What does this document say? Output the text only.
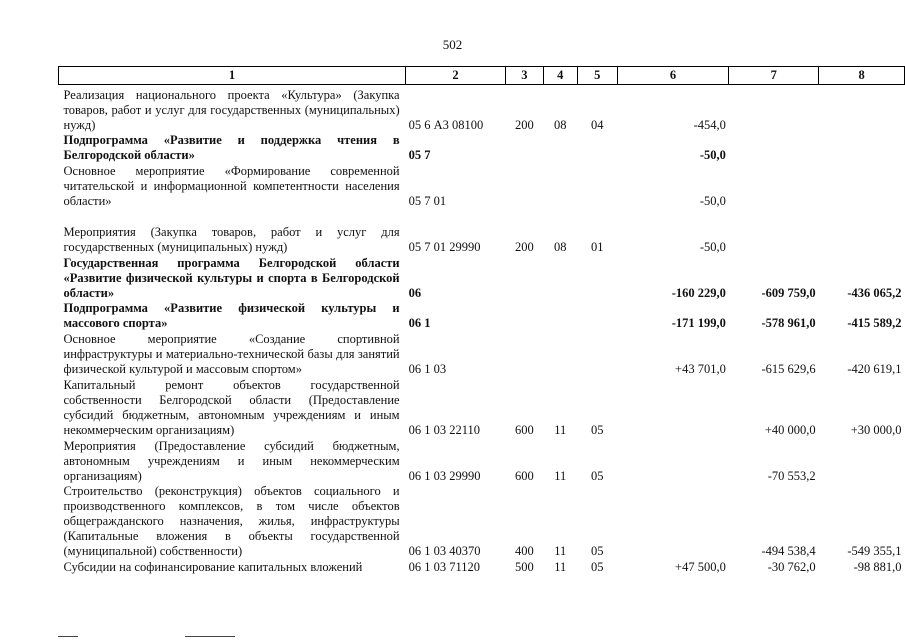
502
1	2	3	4	5	6	7	8
Реализация национального проекта «Культура» (Закупка товаров, работ и услуг для государственных (муниципальных) нужд)	05 6 А3 08100	200	08	04	-454,0		
Подпрограмма «Развитие и поддержка чтения в Белгородской области»	05 7				-50,0		
Основное мероприятие «Формирование современной читательской и информационной компетентности населения области»	05 7 01				-50,0		
Мероприятия (Закупка товаров, работ и услуг для государственных (муниципальных) нужд)	05 7 01 29990	200	08	01	-50,0		
Государственная программа Белгородской области «Развитие физической культуры и спорта в Белгородской области»	06				-160 229,0	-609 759,0	-436 065,2
Подпрограмма «Развитие физической культуры и массового спорта»	06 1				-171 199,0	-578 961,0	-415 589,2
Основное мероприятие «Создание спортивной инфраструктуры и материально-технической базы для занятий физической культурой и массовым спортом»	06 1 03				+43 701,0	-615 629,6	-420 619,1
Капитальный ремонт объектов государственной собственности Белгородской области (Предоставление субсидий бюджетным, автономным учреждениям и иным некоммерческим организациям)	06 1 03 22110	600	11	05		+40 000,0	+30 000,0
Мероприятия (Предоставление субсидий бюджетным, автономным учреждениям и иным некоммерческим организациям)	06 1 03 29990	600	11	05		-70 553,2	
Строительство (реконструкция) объектов социального и производственного комплексов, в том числе объектов общегражданского назначения, жилья, инфраструктуры (Капитальные вложения в объекты государственной (муниципальной) собственности)	06 1 03 40370	400	11	05		-494 538,4	-549 355,1
Субсидии на софинансирование капитальных вложений	06 1 03 71120	500	11	05	+47 500,0	-30 762,0	-98 881,0
